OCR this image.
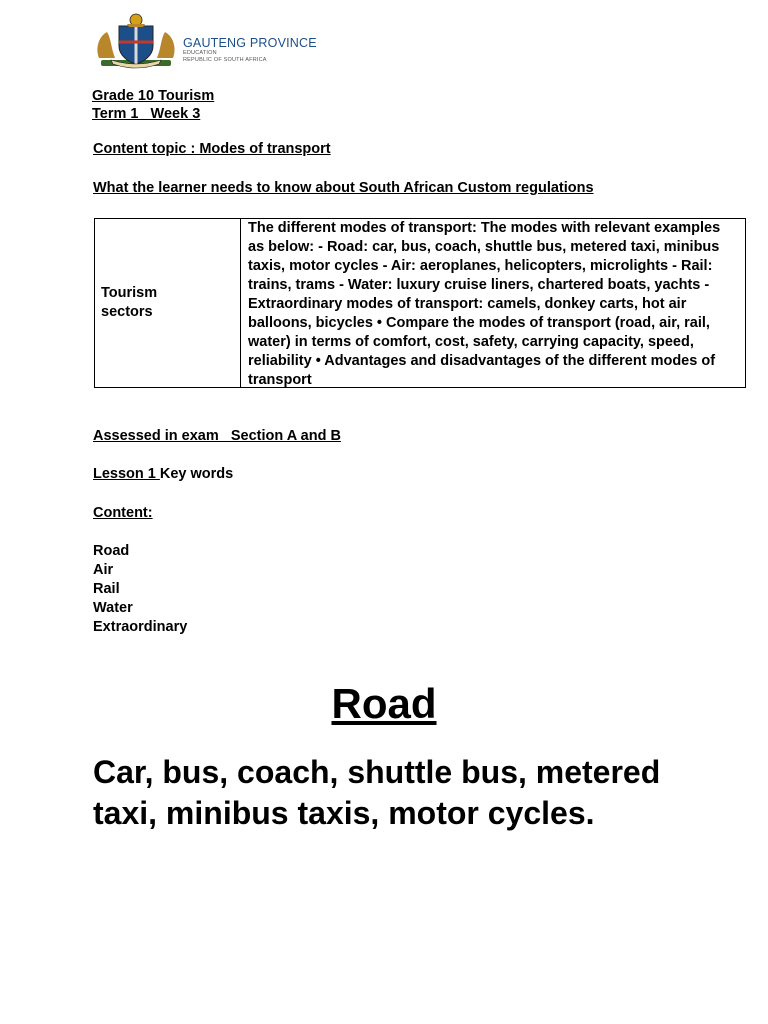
GAUTENG PROVINCE
EDUCATION
REPUBLIC OF SOUTH AFRICA
Grade 10 Tourism
Term 1   Week 3
Content topic : Modes of transport
What the learner needs to know about South African Custom regulations
Tourism sectors
The different modes of transport: The modes with relevant examples as below: - Road: car, bus, coach, shuttle bus, metered taxi, minibus taxis, motor cycles - Air: aeroplanes, helicopters, microlights - Rail: trains, trams - Water: luxury cruise liners, chartered boats, yachts - Extraordinary modes of transport: camels, donkey carts, hot air balloons, bicycles • Compare the modes of transport (road, air, rail, water) in terms of comfort, cost, safety, carrying capacity, speed, reliability • Advantages and disadvantages of the different modes of transport
Assessed in exam   Section A and B
Lesson 1 Key words
Content:
Road
Air
Rail
Water
Extraordinary
Road
Car, bus, coach, shuttle bus, metered taxi, minibus taxis, motor cycles.
